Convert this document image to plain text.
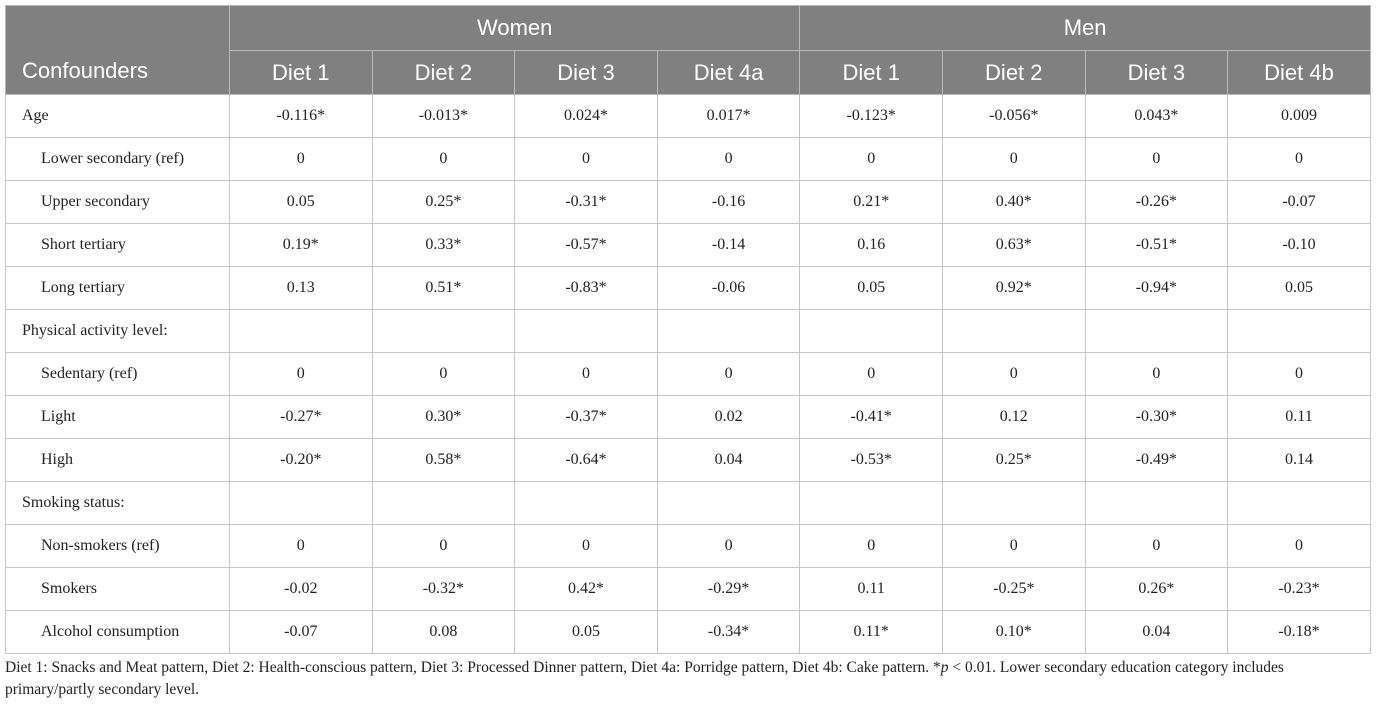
Confounders	Women				Men			
	Diet 1	Diet 2	Diet 3	Diet 4a	Diet 1	Diet 2	Diet 3	Diet 4b
Age	-0.116*	-0.013*	0.024*	0.017*	-0.123*	-0.056*	0.043*	0.009
Lower secondary (ref)	0	0	0	0	0	0	0	0
Upper secondary	0.05	0.25*	-0.31*	-0.16	0.21*	0.40*	-0.26*	-0.07
Short tertiary	0.19*	0.33*	-0.57*	-0.14	0.16	0.63*	-0.51*	-0.10
Long tertiary	0.13	0.51*	-0.83*	-0.06	0.05	0.92*	-0.94*	0.05
Physical activity level:								
Sedentary (ref)	0	0	0	0	0	0	0	0
Light	-0.27*	0.30*	-0.37*	0.02	-0.41*	0.12	-0.30*	0.11
High	-0.20*	0.58*	-0.64*	0.04	-0.53*	0.25*	-0.49*	0.14
Smoking status:								
Non-smokers (ref)	0	0	0	0	0	0	0	0
Smokers	-0.02	-0.32*	0.42*	-0.29*	0.11	-0.25*	0.26*	-0.23*
Alcohol consumption	-0.07	0.08	0.05	-0.34*	0.11*	0.10*	0.04	-0.18*
Diet 1: Snacks and Meat pattern, Diet 2: Health-conscious pattern, Diet 3: Processed Dinner pattern, Diet 4a: Porridge pattern, Diet 4b: Cake pattern. *p < 0.01. Lower secondary education category includes primary/partly secondary level.
